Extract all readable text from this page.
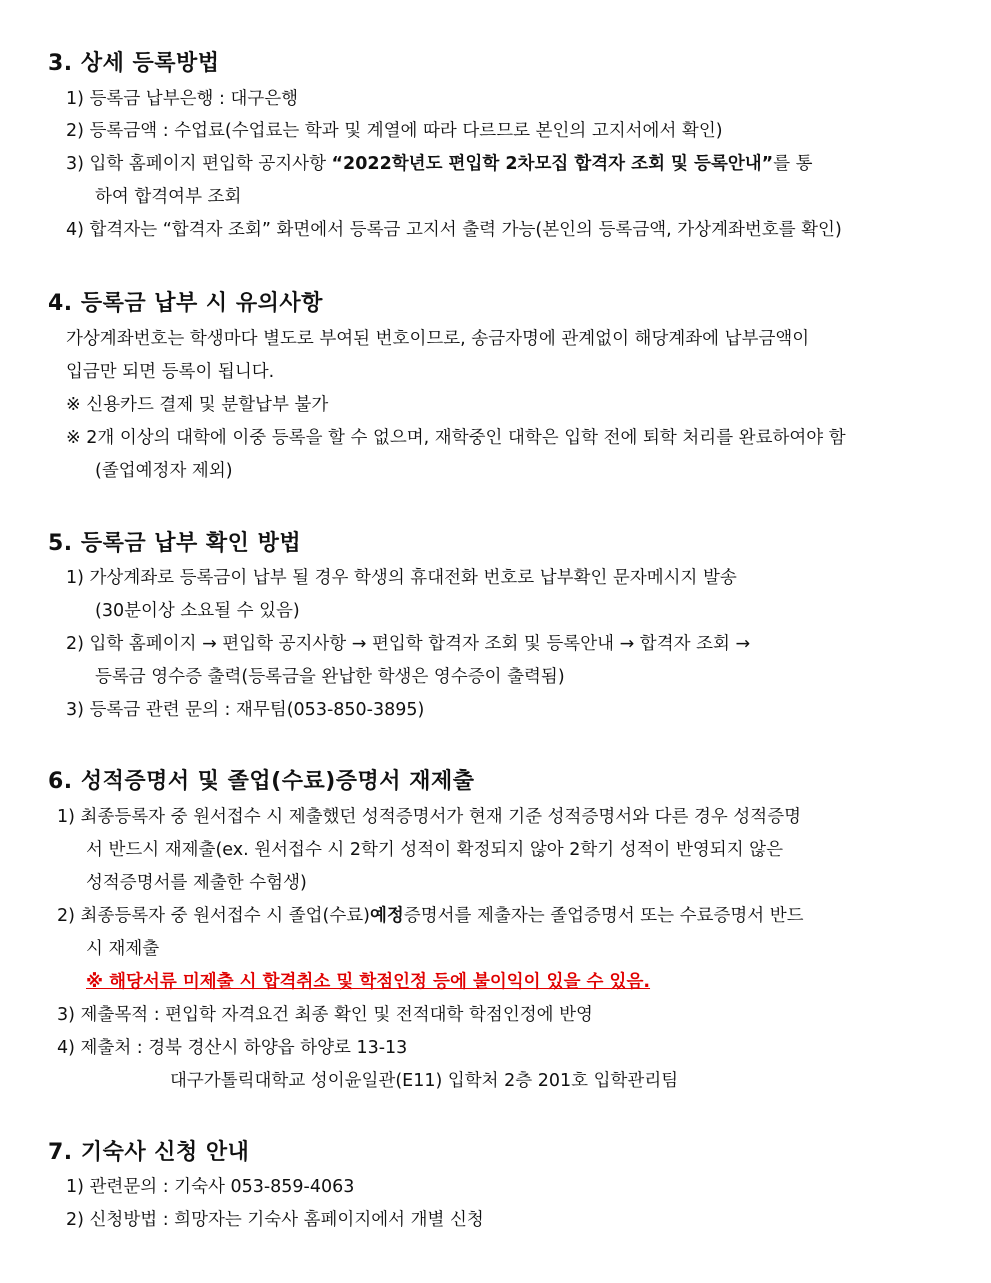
3. 상세 등록방법
1) 등록금 납부은행 : 대구은행
2) 등록금액 : 수업료(수업료는 학과 및 계열에 따라 다르므로 본인의 고지서에서 확인)
3) 입학 홈페이지 편입학 공지사항 “2022학년도 편입학 2차모집 합격자 조회 및 등록안내”를 통
하여 합격여부 조회
4) 합격자는 “합격자 조회” 화면에서 등록금 고지서 출력 가능(본인의 등록금액, 가상계좌번호를 확인)
4. 등록금 납부 시 유의사항
가상계좌번호는 학생마다 별도로 부여된 번호이므로, 송금자명에 관계없이 해당계좌에 납부금액이
입금만 되면 등록이 됩니다.
※ 신용카드 결제 및 분할납부 불가
※ 2개 이상의 대학에 이중 등록을 할 수 없으며, 재학중인 대학은 입학 전에 퇴학 처리를 완료하여야 함
(졸업예정자 제외)
5. 등록금 납부 확인 방법
1) 가상계좌로 등록금이 납부 될 경우 학생의 휴대전화 번호로 납부확인 문자메시지 발송
(30분이상 소요될 수 있음)
2) 입학 홈페이지 → 편입학 공지사항 → 편입학 합격자 조회 및 등록안내 → 합격자 조회 →
등록금 영수증 출력(등록금을 완납한 학생은 영수증이 출력됨)
3) 등록금 관련 문의 : 재무팀(053-850-3895)
6. 성적증명서 및 졸업(수료)증명서 재제출
1) 최종등록자 중 원서접수 시 제출했던 성적증명서가 현재 기준 성적증명서와 다른 경우 성적증명
서 반드시 재제출(ex. 원서접수 시 2학기 성적이 확정되지 않아 2학기 성적이 반영되지 않은
성적증명서를 제출한 수험생)
2) 최종등록자 중 원서접수 시 졸업(수료)예정증명서를 제출자는 졸업증명서 또는 수료증명서 반드
시 재제출
※ 해당서류 미제출 시 합격취소 및 학점인정 등에 불이익이 있을 수 있음.
3) 제출목적 : 편입학 자격요건 최종 확인 및 전적대학 학점인정에 반영
4) 제출처 : 경북 경산시 하양읍 하양로 13-13
대구가톨릭대학교 성이윤일관(E11) 입학처 2층 201호 입학관리팀
7. 기숙사 신청 안내
1) 관련문의 : 기숙사 053-859-4063
2) 신청방법 : 희망자는 기숙사 홈페이지에서 개별 신청
